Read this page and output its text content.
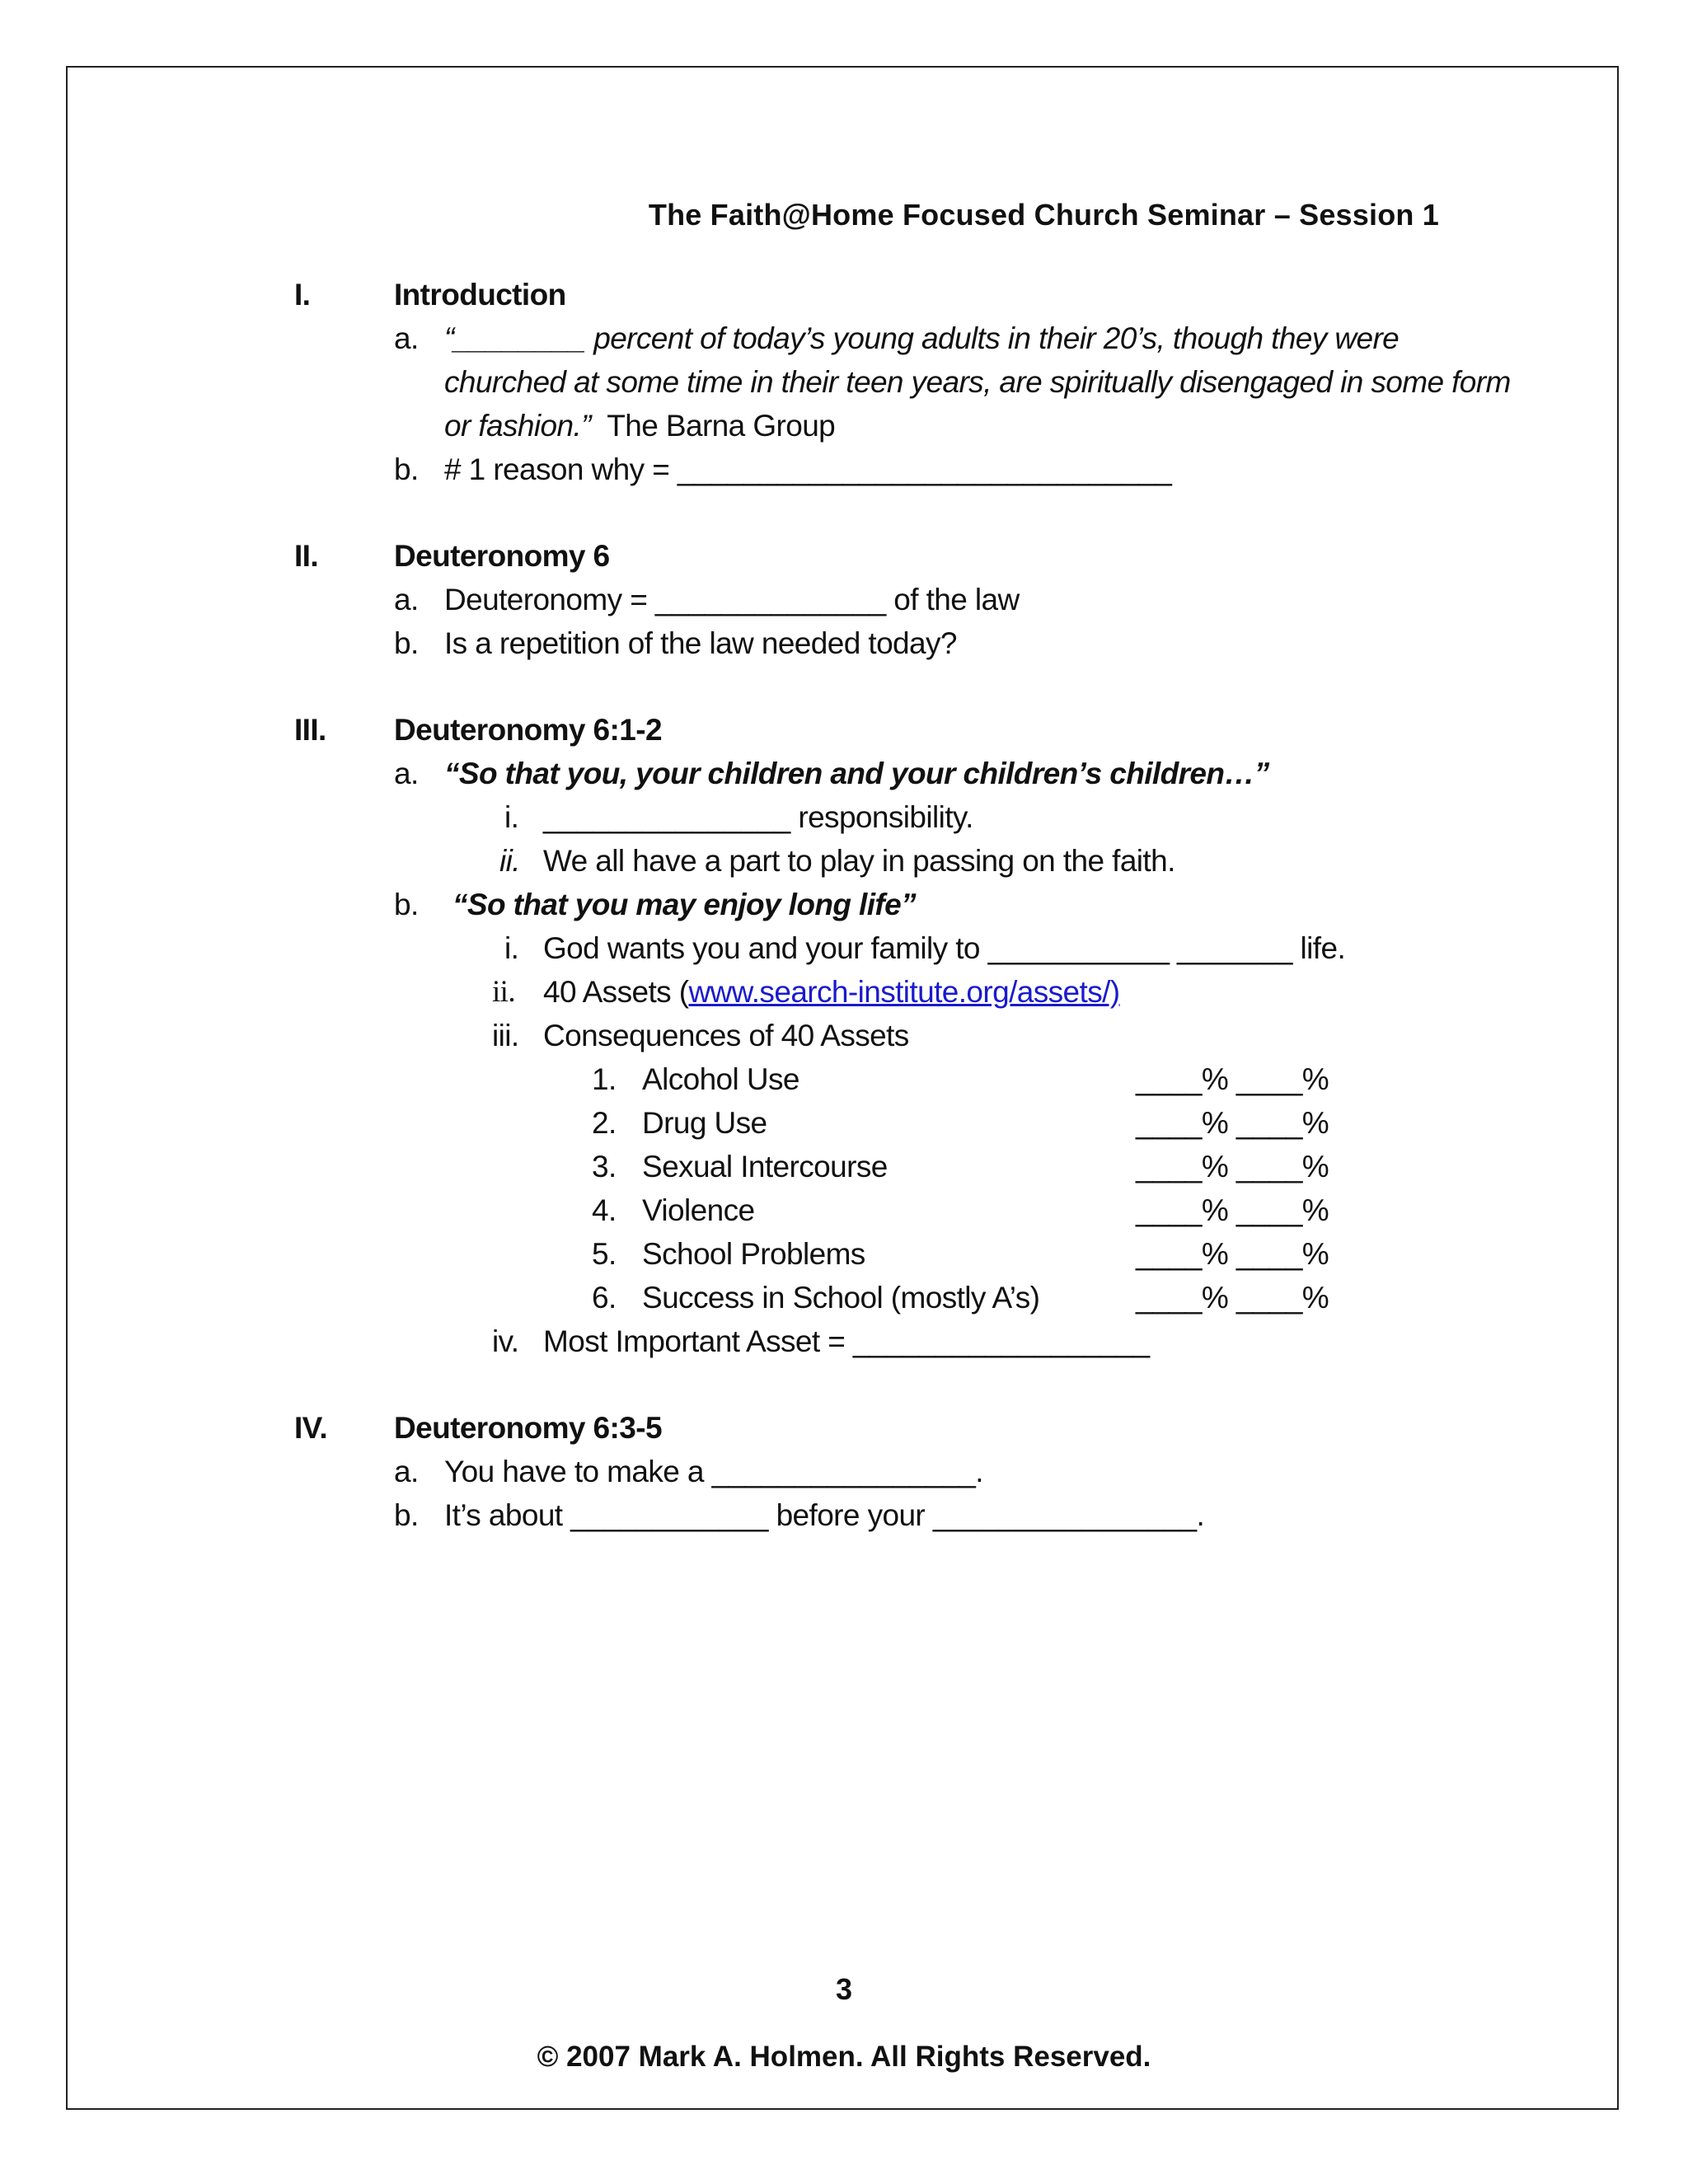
The Faith@Home Focused Church Seminar – Session 1
I.	Introduction
a. “________ percent of today’s young adults in their 20’s, though they were
churched at some time in their teen years, are spiritually disengaged in some form
or fashion.” The Barna Group
b. # 1 reason why = ______________________________
II. Deuteronomy 6
a. Deuteronomy = ______________ of the law
b. Is a repetition of the law needed today?
III. Deuteronomy 6:1-2
a. “So that you, your children and your children’s children…”
i. _______________ responsibility.
ii. We all have a part to play in passing on the faith.
b. “So that you may enjoy long life”
i. God wants you and your family to ___________ _______ life.
ii. 40 Assets (www.search-institute.org/assets/)
iii. Consequences of 40 Assets
1. Alcohol Use	____% ____%
2. Drug Use	____% ____%
3. Sexual Intercourse	____% ____%
4. Violence	____% ____%
5. School Problems	____% ____%
6. Success in School (mostly A’s)	____% ____%
iv. Most Important Asset = __________________
IV. Deuteronomy 6:3-5
a. You have to make a ________________.
b. It’s about ____________ before your ________________.
3
© 2007 Mark A. Holmen. All Rights Reserved.
